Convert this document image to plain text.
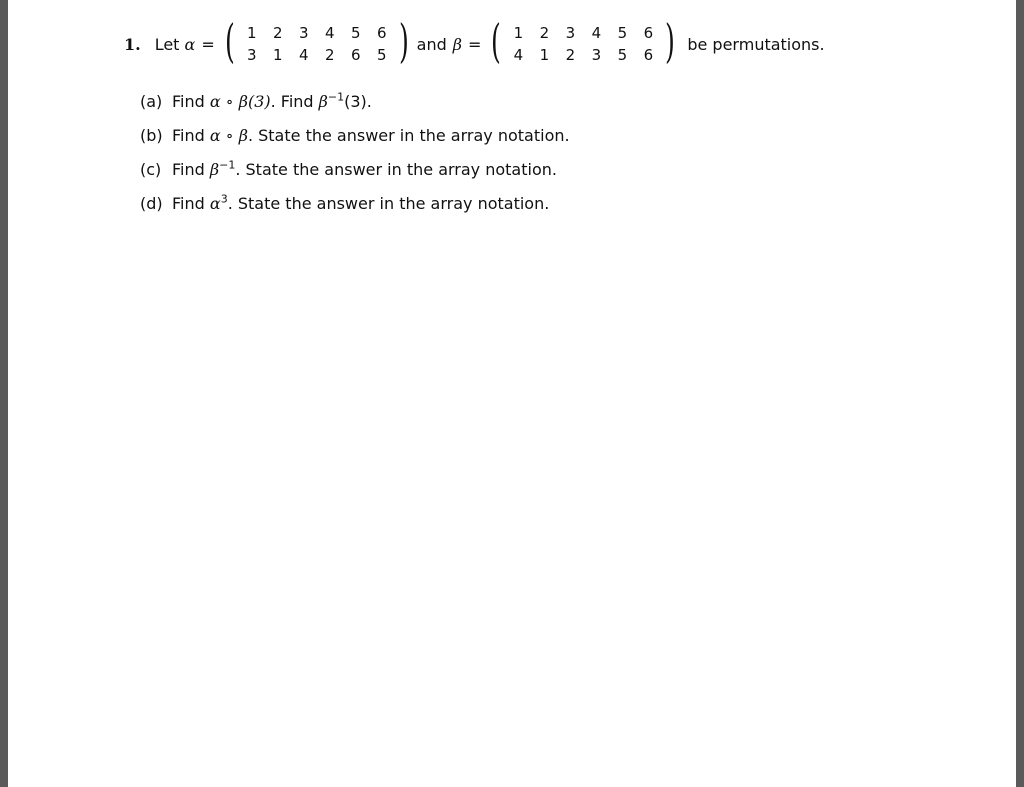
1. Let
α = ( 1	2	3	4	5	6
3	1	4	2	6	5 ) and β = ( 1	2	3	4	5	6
4	1	2	3	5	6 ) be permutations.
(a) Find α ∘ β(3). Find $\beta^{-1}(3)$.
(b) Find α ∘ β. State the answer in the array notation.
(c) Find $\beta^{-1}$. State the answer in the array notation.
(d) Find $\alpha^3$. State the answer in the array notation.
